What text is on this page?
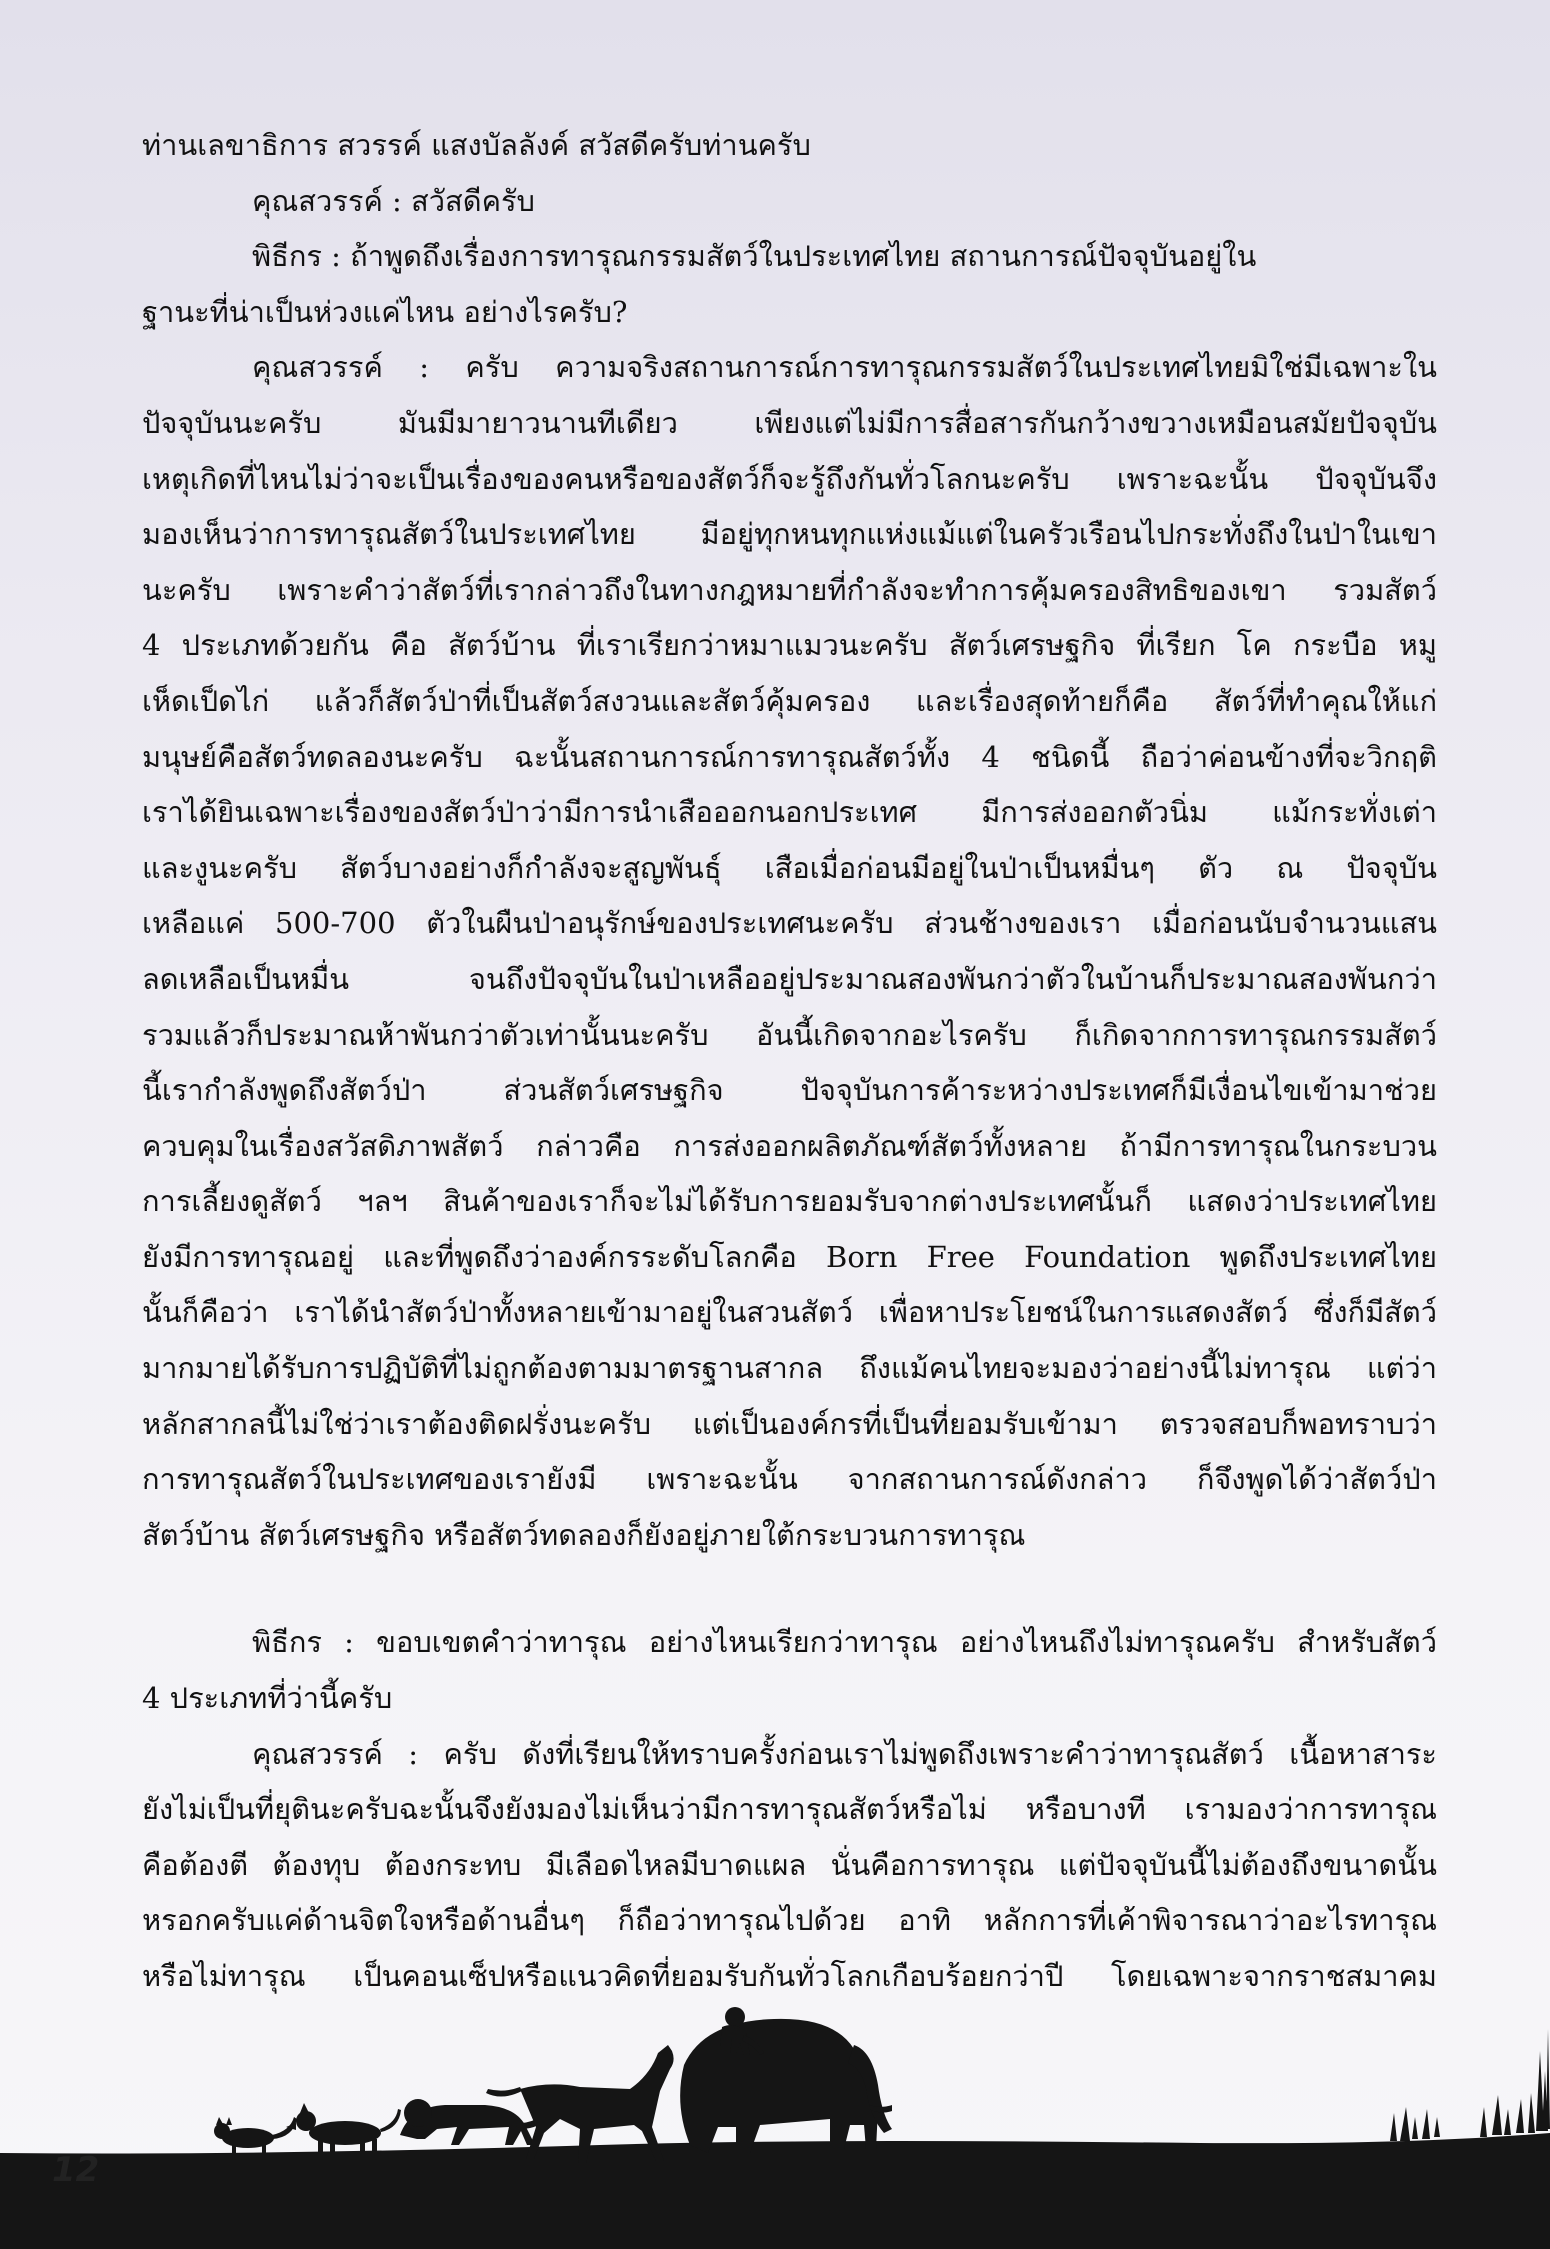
ท่านเลขาธิการ สวรรค์ แสงบัลลังค์ สวัสดีครับท่านครับ
คุณสวรรค์ : สวัสดีครับ
พิธีกร : ถ้าพูดถึงเรื่องการทารุณกรรมสัตว์ในประเทศไทย สถานการณ์ปัจจุบันอยู่ใน
ฐานะที่น่าเป็นห่วงแค่ไหน อย่างไรครับ?
คุณสวรรค์ : ครับ ความจริงสถานการณ์การทารุณกรรมสัตว์ในประเทศไทยมิใช่มีเฉพาะใน
ปัจจุบันนะครับ มันมีมายาวนานทีเดียว เพียงแต่ไม่มีการสื่อสารกันกว้างขวางเหมือนสมัยปัจจุบัน
เหตุเกิดที่ไหนไม่ว่าจะเป็นเรื่องของคนหรือของสัตว์ก็จะรู้ถึงกันทั่วโลกนะครับ เพราะฉะนั้น ปัจจุบันจึง
มองเห็นว่าการทารุณสัตว์ในประเทศไทย มีอยู่ทุกหนทุกแห่งแม้แต่ในครัวเรือนไปกระทั่งถึงในป่าในเขา
นะครับ เพราะคำว่าสัตว์ที่เรากล่าวถึงในทางกฎหมายที่กำลังจะทำการคุ้มครองสิทธิของเขา รวมสัตว์
4 ประเภทด้วยกัน คือ สัตว์บ้าน ที่เราเรียกว่าหมาแมวนะครับ สัตว์เศรษฐกิจ ที่เรียก โค กระบือ หมู
เห็ดเป็ดไก่ แล้วก็สัตว์ป่าที่เป็นสัตว์สงวนและสัตว์คุ้มครอง และเรื่องสุดท้ายก็คือ สัตว์ที่ทำคุณให้แก่
มนุษย์คือสัตว์ทดลองนะครับ ฉะนั้นสถานการณ์การทารุณสัตว์ทั้ง 4 ชนิดนี้ ถือว่าค่อนข้างที่จะวิกฤติ
เราได้ยินเฉพาะเรื่องของสัตว์ป่าว่ามีการนำเสือออกนอกประเทศ มีการส่งออกตัวนิ่ม แม้กระทั่งเต่า
และงูนะครับ สัตว์บางอย่างก็กำลังจะสูญพันธุ์ เสือเมื่อก่อนมีอยู่ในป่าเป็นหมื่นๆ ตัว ณ ปัจจุบัน
เหลือแค่ 500-700 ตัวในผืนป่าอนุรักษ์ของประเทศนะครับ ส่วนช้างของเรา เมื่อก่อนนับจำนวนแสน
ลดเหลือเป็นหมื่น จนถึงปัจจุบันในป่าเหลืออยู่ประมาณสองพันกว่าตัวในบ้านก็ประมาณสองพันกว่า
รวมแล้วก็ประมาณห้าพันกว่าตัวเท่านั้นนะครับ อันนี้เกิดจากอะไรครับ ก็เกิดจากการทารุณกรรมสัตว์
นี้เรากำลังพูดถึงสัตว์ป่า ส่วนสัตว์เศรษฐกิจ ปัจจุบันการค้าระหว่างประเทศก็มีเงื่อนไขเข้ามาช่วย
ควบคุมในเรื่องสวัสดิภาพสัตว์ กล่าวคือ การส่งออกผลิตภัณฑ์สัตว์ทั้งหลาย ถ้ามีการทารุณในกระบวน
การเลี้ยงดูสัตว์ ฯลฯ สินค้าของเราก็จะไม่ได้รับการยอมรับจากต่างประเทศนั้นก็ แสดงว่าประเทศไทย
ยังมีการทารุณอยู่ และที่พูดถึงว่าองค์กรระดับโลกคือ Born Free Foundation พูดถึงประเทศไทย
นั้นก็คือว่า เราได้นำสัตว์ป่าทั้งหลายเข้ามาอยู่ในสวนสัตว์ เพื่อหาประโยชน์ในการแสดงสัตว์ ซึ่งก็มีสัตว์
มากมายได้รับการปฏิบัติที่ไม่ถูกต้องตามมาตรฐานสากล ถึงแม้คนไทยจะมองว่าอย่างนี้ไม่ทารุณ แต่ว่า
หลักสากลนี้ไม่ใช่ว่าเราต้องติดฝรั่งนะครับ แต่เป็นองค์กรที่เป็นที่ยอมรับเข้ามา ตรวจสอบก็พอทราบว่า
การทารุณสัตว์ในประเทศของเรายังมี เพราะฉะนั้น จากสถานการณ์ดังกล่าว ก็จึงพูดได้ว่าสัตว์ป่า
สัตว์บ้าน สัตว์เศรษฐกิจ หรือสัตว์ทดลองก็ยังอยู่ภายใต้กระบวนการทารุณ
พิธีกร : ขอบเขตคำว่าทารุณ อย่างไหนเรียกว่าทารุณ อย่างไหนถึงไม่ทารุณครับ สำหรับสัตว์
4 ประเภทที่ว่านี้ครับ
คุณสวรรค์ : ครับ ดังที่เรียนให้ทราบครั้งก่อนเราไม่พูดถึงเพราะคำว่าทารุณสัตว์ เนื้อหาสาระ
ยังไม่เป็นที่ยุตินะครับฉะนั้นจึงยังมองไม่เห็นว่ามีการทารุณสัตว์หรือไม่ หรือบางที เรามองว่าการทารุณ
คือต้องตี ต้องทุบ ต้องกระทบ มีเลือดไหลมีบาดแผล นั่นคือการทารุณ แต่ปัจจุบันนี้ไม่ต้องถึงขนาดนั้น
หรอกครับแค่ด้านจิตใจหรือด้านอื่นๆ ก็ถือว่าทารุณไปด้วย อาทิ หลักการที่เค้าพิจารณาว่าอะไรทารุณ
หรือไม่ทารุณ เป็นคอนเซ็ปหรือแนวคิดที่ยอมรับกันทั่วโลกเกือบร้อยกว่าปี โดยเฉพาะจากราชสมาคม
12
